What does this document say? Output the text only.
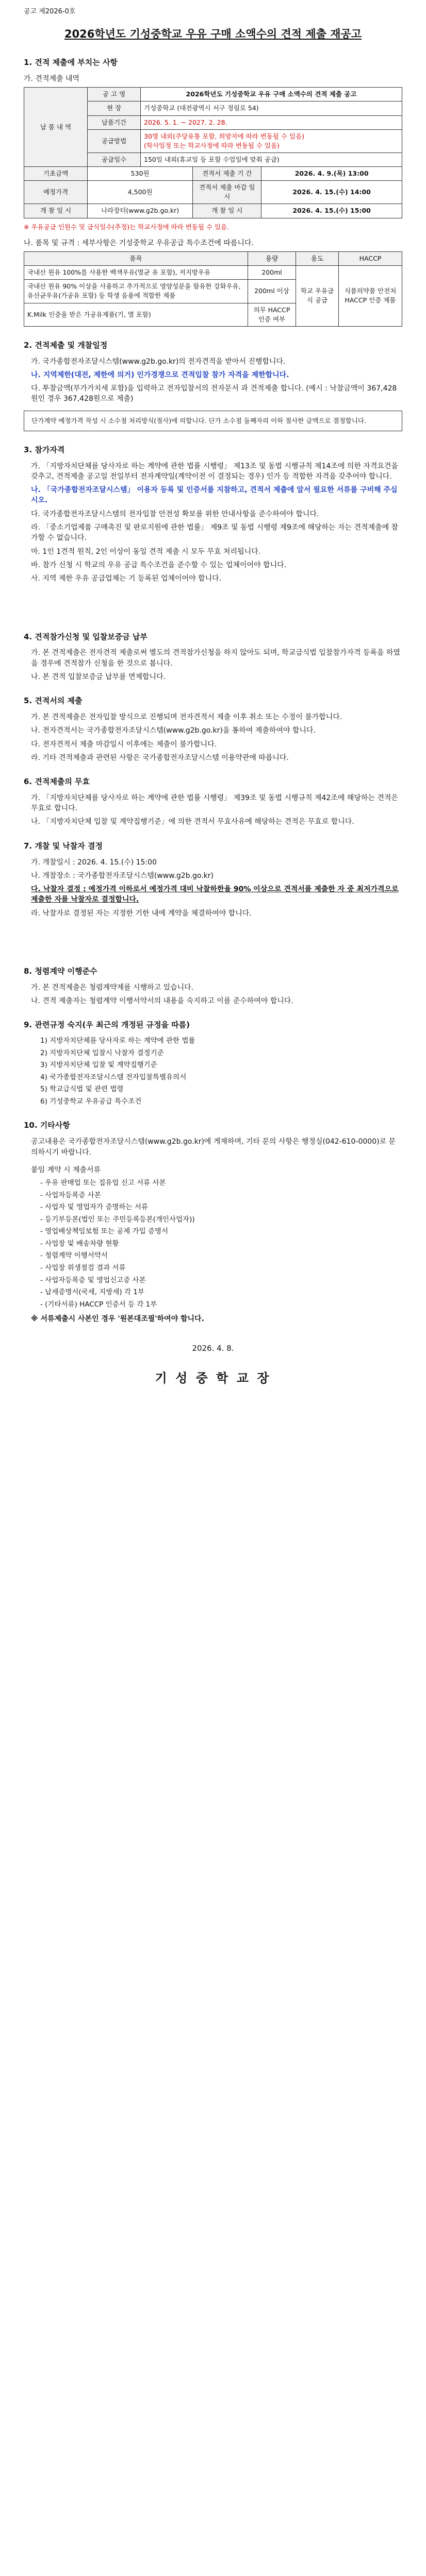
공고 제2026-0호
2026학년도 기성중학교 우유 구매 소액수의 견적 제출 재공고
1. 견적 제출에 부치는 사항
가. 견적제출 내역
납 품 내 역	공 고 명	2026학년도 기성중학교 우유 구매 소액수의 견적 제출 공고		
	현 장	기성중학교 (대전광역시 서구 정림로 54)		
	납품기간	2026. 5. 1. ~ 2027. 2. 28.		
	공급방법	30명 내외(주당유통 포함, 희망자에 따라 변동될 수 있음)
(학사일정 또는 학교사정에 따라 변동될 수 있음)		
	공급일수	150일 내외(휴교일 등 포함 수업일에 맞춰 공급)		
기초금액	530원		견적서 제출 기 간	2026. 4. 9.(목) 13:00
예정가격	4,500원		견적서 제출 마감 일시	2026. 4. 15.(수) 14:00
개 찰 일 시	나라장터(www.g2b.go.kr)		개 찰 일 시	2026. 4. 15.(수) 15:00
※ 우유공급 인원수 및 급식일수(추정)는 학교사정에 따라 변동될 수 있음.
나. 품목 및 규격 : 세부사항은 기성중학교 우유공급 특수조건에 따름니다.
품목	용량	용도	HACCP
국내산 원유 100%를 사용한 백색우유(멸균 유 포함), 저지방우유	200ml	학교 우유급식 공급	식품의약품 안전처 HACCP 인증 제품
국내산 원유 90% 이상을 사용하고 추가적으로 영양성분을 함유한 강화우유, 유산균우유(가공유 포함) 등 학생 음용에 적합한 제품	200ml 이상		
K.Milk 인증을 받은 가공유제품(기, 멸 포함)	의무 HACCP 인증 여부		
2. 견적제출 및 개찰일정
가. 국가종합전자조달시스템(www.g2b.go.kr)의 전자견적을 받아서 진행합니다.
나. 지역제한(대전, 제한에 의거) 인가경쟁으로 견적입찰 참가 자격을 제한합니다.
다. 투찰금액(부가가치세 포함)을 입력하고 전자입찰서의 전자문서 과 견적제출 합니다. (예시 : 낙찰금액이 367,428원인 경우 367,428원으로 제출)
단가계약 예정가격 작성 시 소수점 처리방식(절사)에 의합니다. 단가 소수점 둘째자리 이하 절사한 금액으로 결정합니다.
3. 참가자격
가. 「지방자치단체를 당사자로 하는 계약에 관한 법률 시행령」 제13조 및 동법 시행규칙 제14조에 의한 자격요건을 갖추고, 견적제출 공고일 전일부터 전자계약일(계약이전 이 결정되는 경우) 인가 등 적합한 자격을 갖추어야 합니다.
나. 「국가종합전자조달시스템」 이용자 등록 및 인증서를 지참하고, 견적서 제출에 앞서 필요한 서류를 구비해 주십시오.
다. 국가종합전자조달시스템의 전자입찰 안전성 확보를 위한 안내사항을 준수하여야 합니다.
라. 「중소기업제품 구매촉진 및 판로지원에 관한 법률」 제9조 및 동법 시행령 제9조에 해당하는 자는 견적제출에 참가할 수 없습니다.
마. 1인 1견적 원칙, 2인 이상이 동일 견적 제출 시 모두 무효 처리됩니다.
바. 참가 신청 시 학교의 우유 공급 특수조건을 준수할 수 있는 업체이어야 합니다.
사. 지역 제한 우유 공급업체는 기 등록된 업체이어야 합니다.
4. 견적참가신청 및 입찰보증금 납부
가. 본 견적제출은 전자견적 제출로써 별도의 견적참가신청을 하지 않아도 되며, 학교급식법 입찰참가자격 등록을 하였을 경우에 견적참가 신청을 한 것으로 봅니다.
나. 본 견적 입찰보증금 납부를 면제합니다.
5. 견적서의 제출
가. 본 견적제출은 전자입찰 방식으로 진행되며 전자견적서 제출 이후 취소 또는 수정이 불가합니다.
나. 전자견적서는 국가종합전자조달시스템(www.g2b.go.kr)을 통하여 제출하여야 합니다.
다. 전자견적서 제출 마감일시 이후에는 제출이 불가합니다.
라. 기타 견적제출과 관련된 사항은 국가종합전자조달시스템 이용약관에 따릅니다.
6. 견적제출의 무효
가. 「지방자치단체를 당사자로 하는 계약에 관한 법률 시행령」 제39조 및 동법 시행규칙 제42조에 해당하는 견적은 무효로 합니다.
나. 「지방자치단체 입찰 및 계약집행기준」에 의한 견적서 무효사유에 해당하는 견적은 무효로 합니다.
7. 개찰 및 낙찰자 결정
가. 개찰일시 : 2026. 4. 15.(수) 15:00
나. 개찰장소 : 국가종합전자조달시스템(www.g2b.go.kr)
다. 낙찰자 결정 : 예정가격 이하로서 예정가격 대비 낙찰하한율 90% 이상으로 견적서를 제출한 자 중 최저가격으로 제출한 자를 낙찰자로 결정합니다.
라. 낙찰자로 결정된 자는 지정한 기한 내에 계약을 체결하여야 합니다.
8. 청렴계약 이행준수
가. 본 견적제출은 청렴계약제를 시행하고 있습니다.
나. 견적 제출자는 청렴계약 이행서약서의 내용을 숙지하고 이를 준수하여야 합니다.
9. 관련규정 숙지(우 최근의 개정된 규정을 따름)
1) 지방자치단체를 당사자로 하는 계약에 관한 법률
2) 지방자치단체 입찰시 낙찰자 결정기준
3) 지방자치단체 입찰 및 계약집행기준
4) 국가종합전자조달시스템 전자입찰특별유의서
5) 학교급식법 및 관련 법령
6) 기성중학교 우유공급 특수조건
10. 기타사항
공고내용은 국가종합전자조달시스템(www.g2b.go.kr)에 게재하며, 기타 문의 사항은 행정실(042-610-0000)로 문의하시기 바랍니다.
붙임 계약 시 제출서류
- 우유 판매업 또는 집유업 신고 서류 사본
- 사업자등록증 사본
- 사업자 및 영업자가 증명하는 서류
- 등기부등본(법인 또는 주민등록등본(개인사업자))
- 영업배상책임보험 또는 공제 가입 증명서
- 사업장 및 배송차량 현황
- 청렴계약 이행서약서
- 사업장 위생점검 결과 서류
- 사업자등록증 및 영업신고증 사본
- 납세증명서(국세, 지방세) 각 1부
- (기타서류) HACCP 인증서 등 각 1부
※ 서류제출시 사본인 경우 '원본대조필'하여야 합니다.
2026. 4. 8.
기 성 중 학 교 장
